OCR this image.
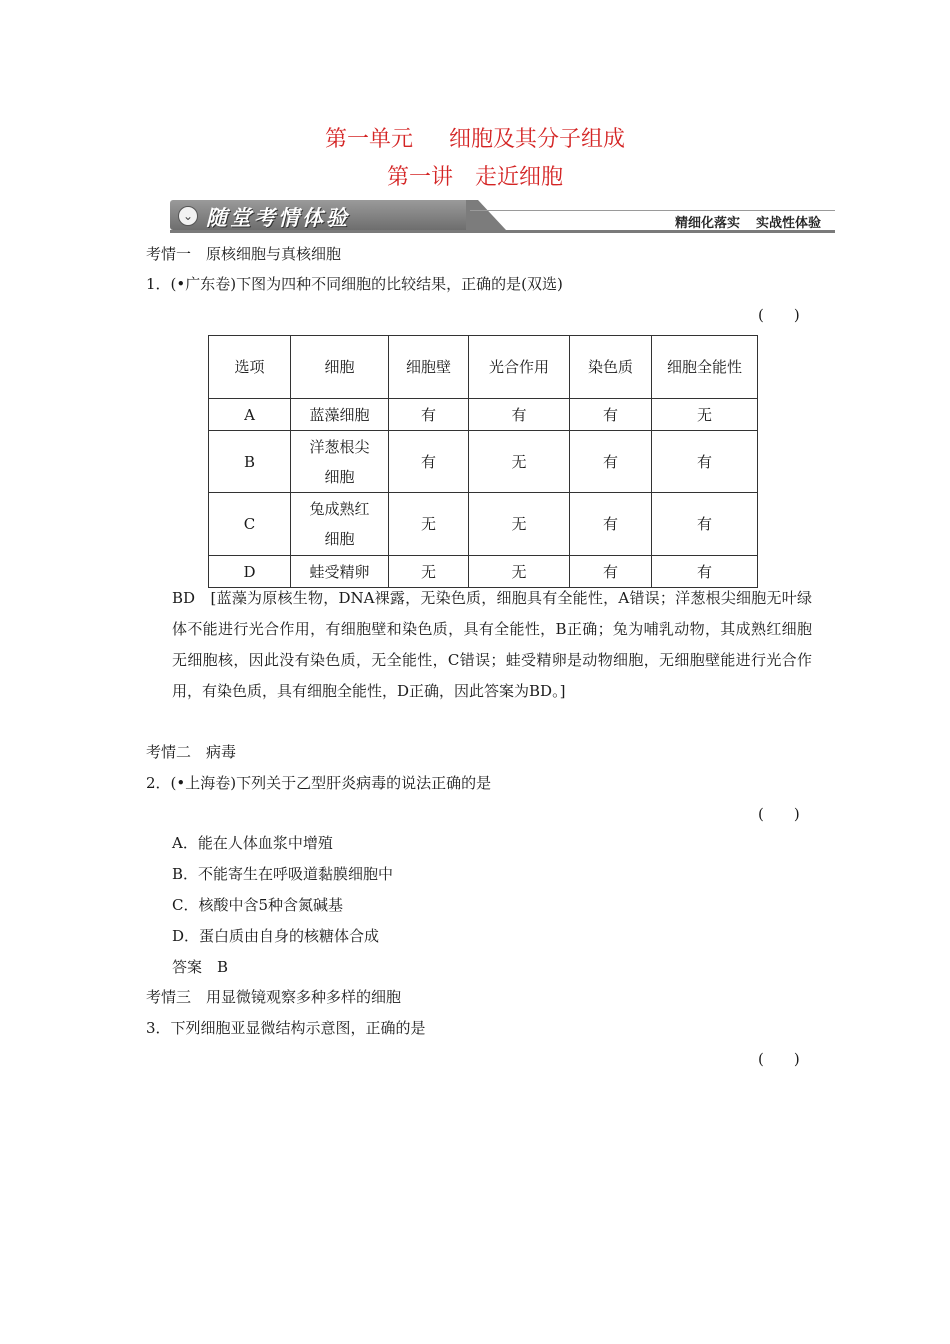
第一单元 细胞及其分子组成
第一讲 走近细胞
⌄ 随堂考情体验	精细化落实 实战性体验
考情一　原核细胞与真核细胞
1．(•广东卷)下图为四种不同细胞的比较结果，正确的是(双选)
(　　)
选项	细胞	细胞壁	光合作用	染色质	细胞全能性
A	蓝藻细胞	有	有	有	无
B	洋葱根尖细胞	有	无	有	有
C	兔成熟红细胞	无	无	有	有
D	蛙受精卵	无	无	有	有
BD　[蓝藻为原核生物，DNA裸露，无染色质，细胞具有全能性，A错误；洋葱根尖细胞无叶绿体不能进行光合作用，有细胞壁和染色质，具有全能性，B正确；兔为哺乳动物，其成熟红细胞无细胞核，因此没有染色质，无全能性，C错误；蛙受精卵是动物细胞，无细胞壁能进行光合作用，有染色质，具有细胞全能性，D正确，因此答案为BD。]
考情二　病毒
2．(•上海卷)下列关于乙型肝炎病毒的说法正确的是
(　　)
A．能在人体血浆中增殖
B．不能寄生在呼吸道黏膜细胞中
C．核酸中含5种含氮碱基
D．蛋白质由自身的核糖体合成
答案　B
考情三　用显微镜观察多种多样的细胞
3．下列细胞亚显微结构示意图，正确的是
(　　)
